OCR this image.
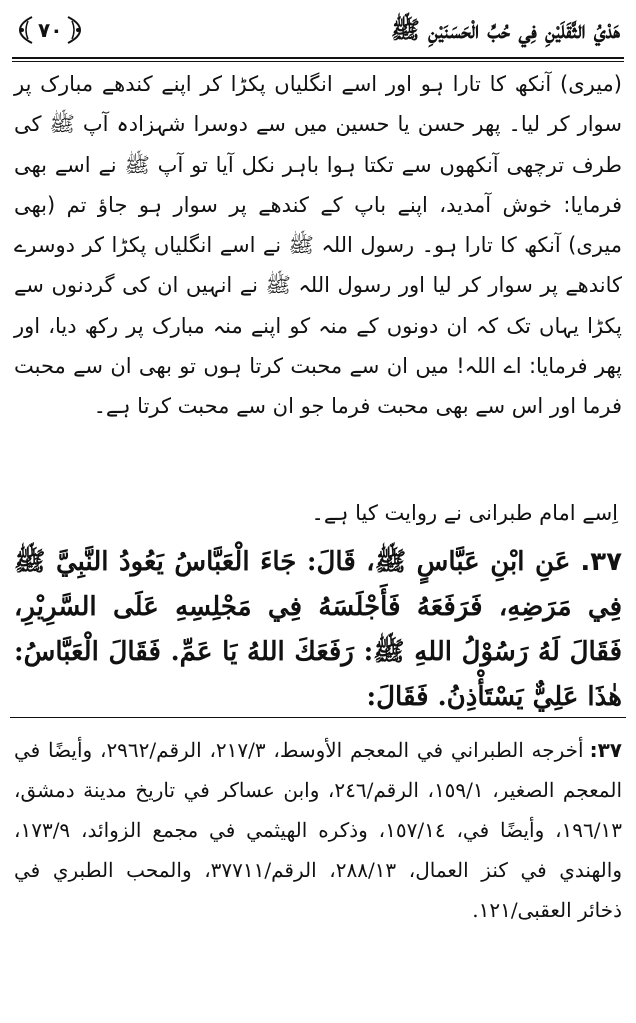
٧٠	هَدْيُ الثَّقَلَيْنِ فِي حُبِّ الْحَسَنَيْنِ ﷺ

(میری) آنکھ کا تارا ہو اور اسے انگلیاں پکڑا کر اپنے کندھے مبارک پر سوار کر لیا۔ پھر حسن یا حسین میں سے دوسرا شہزادہ آپ ﷺ کی طرف ترچھی آنکھوں سے تکتا ہوا باہر نکل آیا تو آپ ﷺ نے اسے بھی فرمایا: خوش آمدید، اپنے باپ کے کندھے پر سوار ہو جاؤ تم (بھی میری) آنکھ کا تارا ہو۔ رسول اللہ ﷺ نے اسے انگلیاں پکڑا کر دوسرے کاندھے پر سوار کر لیا اور رسول اللہ ﷺ نے انہیں ان کی گردنوں سے پکڑا یہاں تک کہ ان دونوں کے منہ کو اپنے منہ مبارک پر رکھ دیا، اور پھر فرمایا: اے اللہ! میں ان سے محبت کرتا ہوں تو بھی ان سے محبت فرما اور اس سے بھی محبت فرما جو ان سے محبت کرتا ہے۔

اِسے امام طبرانی نے روایت کیا ہے۔

٣٧.عَنِ ابْنِ عَبَّاسٍ ﷺ، قَالَ: جَاءَ الْعَبَّاسُ يَعُودُ النَّبِيَّ ﷺ فِي مَرَضِهِ، فَرَفَعَهُ فَأَجْلَسَهُ فِي مَجْلِسِهِ عَلَى السَّرِيْرِ، فَقَالَ لَهُ رَسُوْلُ اللهِ ﷺ: رَفَعَكَ اللهُ يَا عَمِّ. فَقَالَ الْعَبَّاسُ: هٰذَا عَلِيٌّ يَسْتَأْذِنُ. فَقَالَ:

٣٧:أخرجه الطبراني في المعجم الأوسط، ٢١٧/٣، الرقم/٢٩٦٢، وأيضًا في المعجم الصغير، ١٥٩/١، الرقم/٢٤٦، وابن عساكر في تاريخ مدينة دمشق، ١٩٦/١٣، وأيضًا في، ١٥٧/١٤، وذكره الهيثمي في مجمع الزوائد، ١٧٣/٩، والهندي في كنز العمال، ٢٨٨/١٣، الرقم/٣٧٧١١، والمحب الطبري في ذخائر العقبى/١٢١.
